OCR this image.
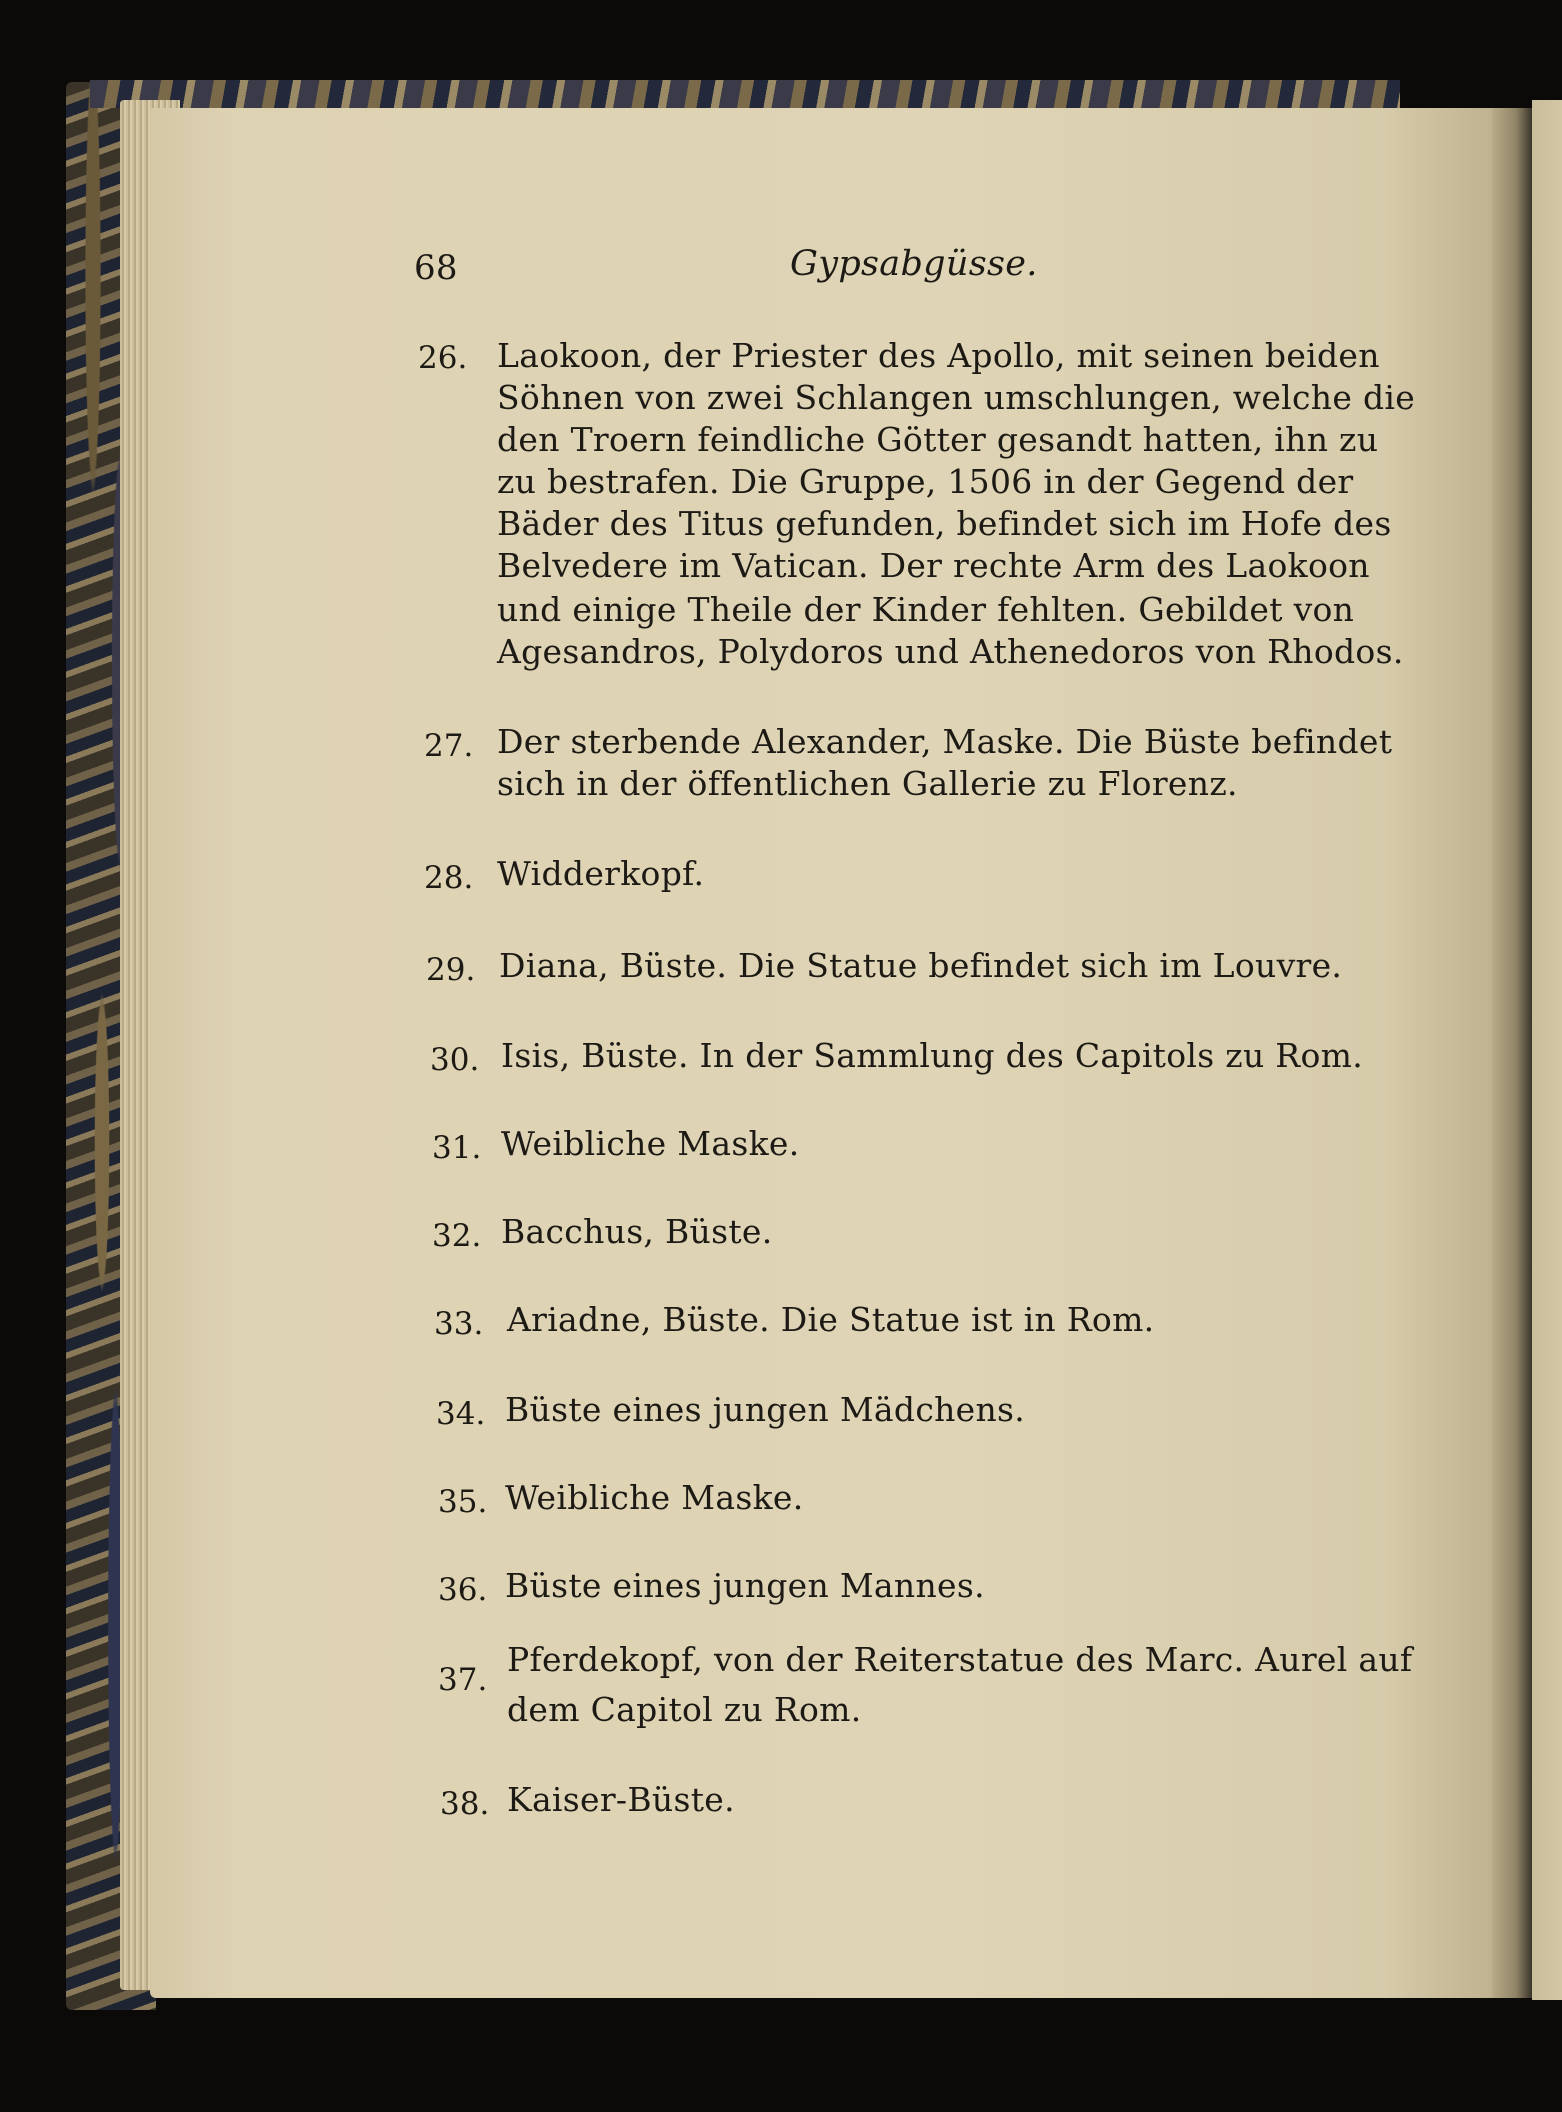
68	Gypsabgüsse.
26. Laokoon, der Priester des Apollo, mit seinen beiden
Söhnen von zwei Schlangen umschlungen, welche die
den Troern feindliche Götter gesandt hatten, ihn zu
zu bestrafen. Die Gruppe, 1506 in der Gegend der
Bäder des Titus gefunden, befindet sich im Hofe des
Belvedere im Vatican. Der rechte Arm des Laokoon
und einige Theile der Kinder fehlten. Gebildet von
Agesandros, Polydoros und Athenedoros von Rhodos.
27. Der sterbende Alexander, Maske. Die Büste befindet
sich in der öffentlichen Gallerie zu Florenz.
28. Widderkopf.
29. Diana, Büste. Die Statue befindet sich im Louvre.
30. Isis, Büste. In der Sammlung des Capitols zu Rom.
31. Weibliche Maske.
32. Bacchus, Büste.
33. Ariadne, Büste. Die Statue ist in Rom.
34. Büste eines jungen Mädchens.
35. Weibliche Maske.
36. Büste eines jungen Mannes.
37.
Pferdekopf, von der Reiterstatue des Marc. Aurel auf
dem Capitol zu Rom.
38. Kaiser-Büste.
